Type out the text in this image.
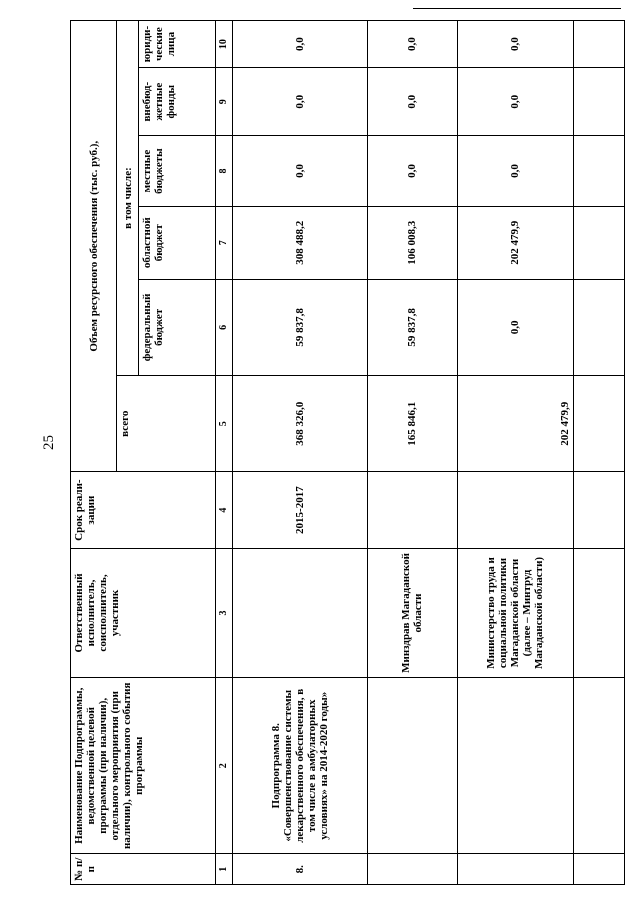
25
№ п/п	Наименование Подпрограммы, ведомственной целевой программы (при наличии), отдельного мероприятия (при наличии), контрольного события программы	Ответственный исполнитель, соисполнитель, участник	Срок реали-зации	Объем ресурсного обеспечения (тыс. руб.),					
				всего	в том числе:				
					федеральный бюджет	областной бюджет	местные бюджеты	внебюд-жетные фонды	юриди-ческие лица
1	2	3	4	5	6	7	8	9	10
8.	Подпрограмма 8. «Совершенствование системы лекарственного обеспечения, в том числе в амбулаторных условиях» на 2014-2020 годы»		2015-2017	368 326,0	59 837,8	308 488,2	0,0	0,0	0,0
		Минздрав Магаданской области		165 846,1	59 837,8	106 008,3	0,0	0,0	0,0
		Министерство труда и социальной политики Магаданской области (далее – Минтруд Магаданской области)		202 479,9	0,0	202 479,9	0,0	0,0	0,0
